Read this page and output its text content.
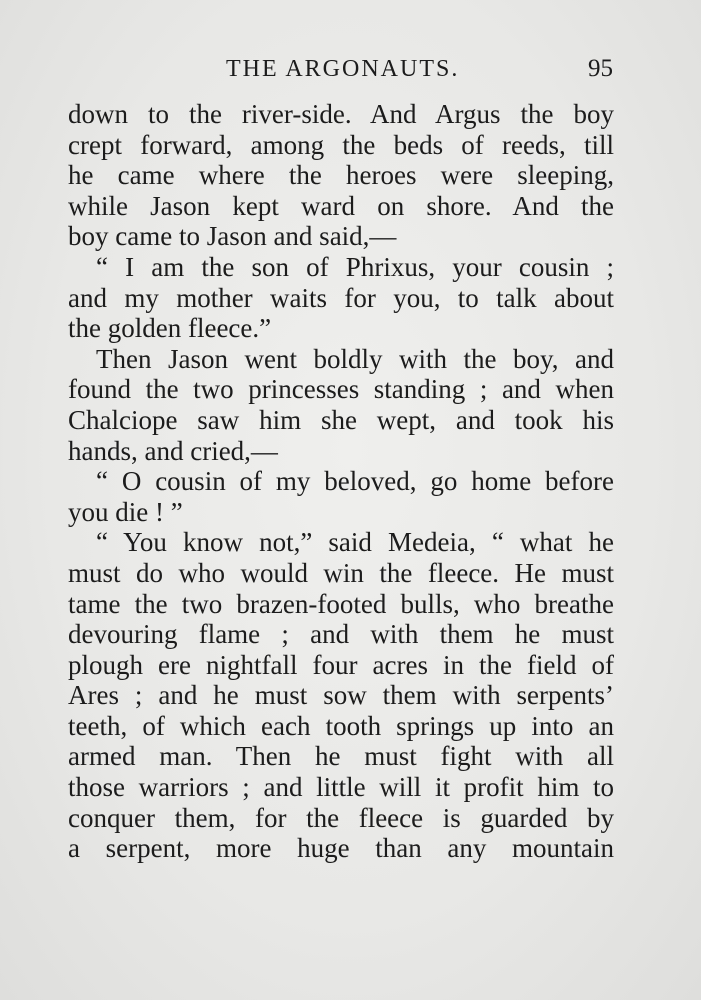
THE ARGONAUTS.	95
down to the river-side. And Argus the boy
crept forward, among the beds of reeds, till
he came where the heroes were sleeping,
while Jason kept ward on shore. And the
boy came to Jason and said,—
“ I am the son of Phrixus, your cousin ;
and my mother waits for you, to talk about
the golden fleece.”
Then Jason went boldly with the boy, and
found the two princesses standing ; and when
Chalciope saw him she wept, and took his
hands, and cried,—
“ O cousin of my beloved, go home before
you die ! ”
“ You know not,” said Medeia, “ what he
must do who would win the fleece. He must
tame the two brazen-footed bulls, who breathe
devouring flame ; and with them he must
plough ere nightfall four acres in the field of
Ares ; and he must sow them with serpents’
teeth, of which each tooth springs up into an
armed man. Then he must fight with all
those warriors ; and little will it profit him to
conquer them, for the fleece is guarded by
a serpent, more huge than any mountain
